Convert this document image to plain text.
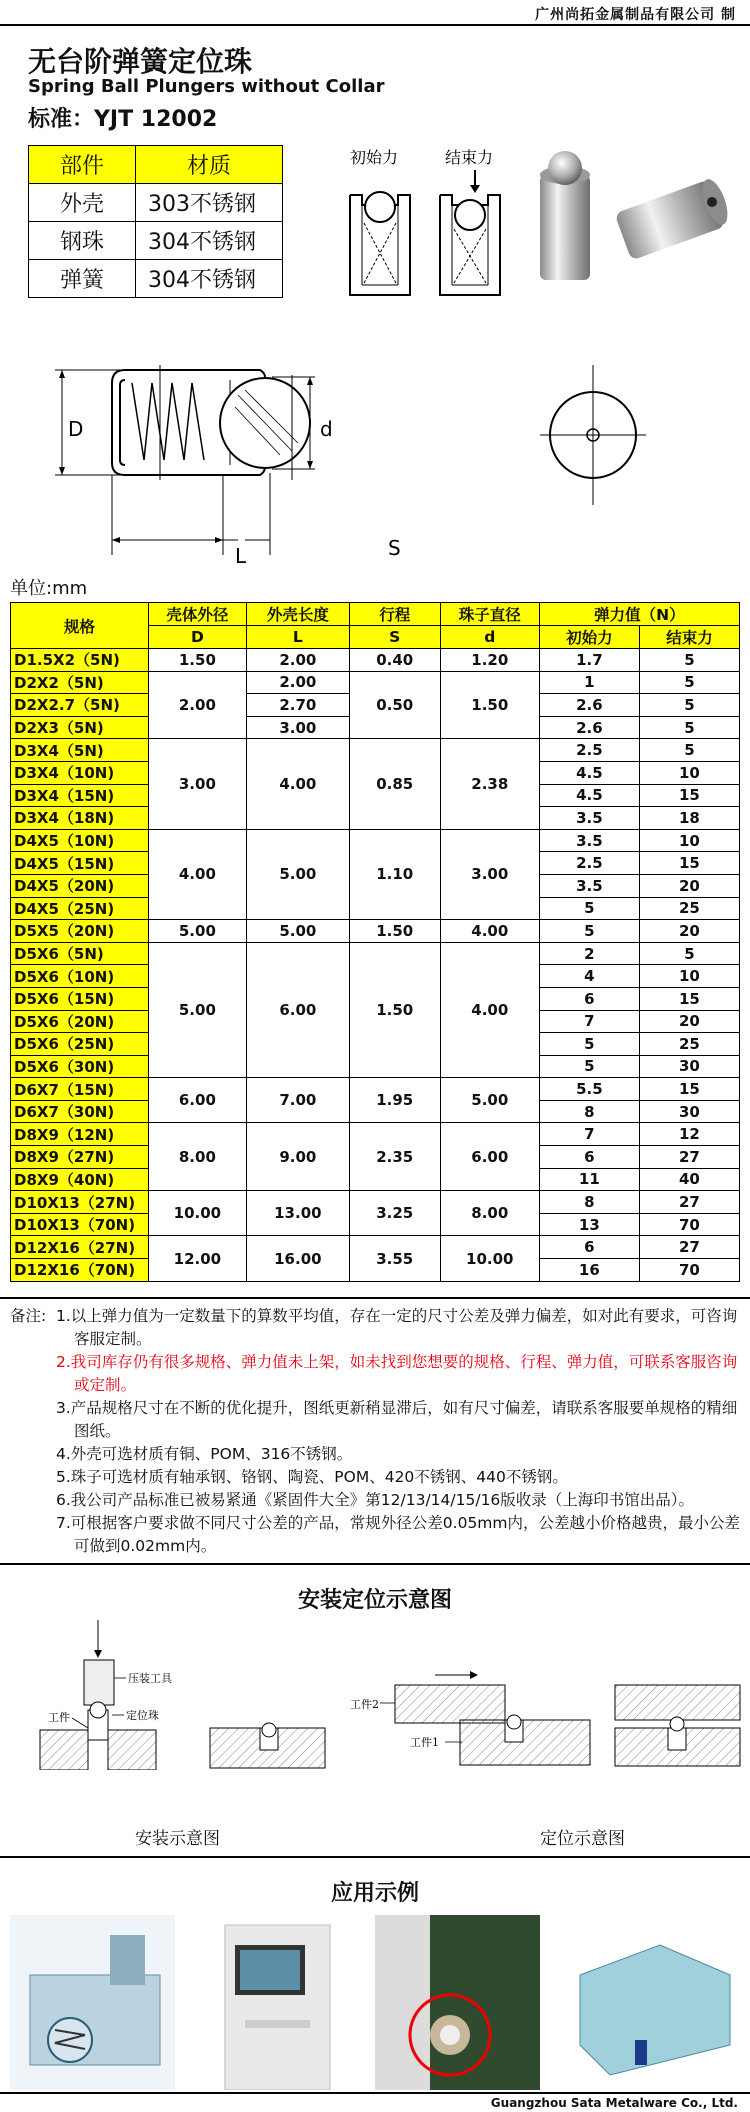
广州尚拓金属制品有限公司 制
无台阶弹簧定位珠
Spring Ball Plungers without Collar
标准：YJT 12002
部件	材质
外壳	303不锈钢
钢珠	304不锈钢
弹簧	304不锈钢
初始力	结束力
D	d
L	S
单位:mm
规格	壳体外径	外壳长度	行程	珠子直径	弹力值（N）	
	D	L	S	d	初始力	结束力
D1.5X2（5N)	1.50	2.00	0.40	1.20	1.7	5
D2X2（5N)	2.00	2.00	0.50	1.50	1	5
D2X2.7（5N)		2.70			2.6	5
D2X3（5N)		3.00			2.6	5
D3X4（5N)	3.00	4.00	0.85	2.38	2.5	5
D3X4（10N)					4.5	10
D3X4（15N)					4.5	15
D3X4（18N)					3.5	18
D4X5（10N)	4.00	5.00	1.10	3.00	3.5	10
D4X5（15N)					2.5	15
D4X5（20N)					3.5	20
D4X5（25N)					5	25
D5X5（20N)	5.00	5.00	1.50	4.00	5	20
D5X6（5N)	5.00	6.00	1.50	4.00	2	5
D5X6（10N)					4	10
D5X6（15N)					6	15
D5X6（20N)					7	20
D5X6（25N)					5	25
D5X6（30N)					5	30
D6X7（15N)	6.00	7.00	1.95	5.00	5.5	15
D6X7（30N)					8	30
D8X9（12N)	8.00	9.00	2.35	6.00	7	12
D8X9（27N)					6	27
D8X9（40N)					11	40
D10X13（27N)	10.00	13.00	3.25	8.00	8	27
D10X13（70N)					13	70
D12X16（27N)	12.00	16.00	3.55	10.00	6	27
D12X16（70N)					16	70
备注: 1.以上弹力值为一定数量下的算数平均值，存在一定的尺寸公差及弹力偏差，如对此有要求，可咨询客服定制。
2.我司库存仍有很多规格、弹力值未上架，如未找到您想要的规格、行程、弹力值，可联系客服咨询或定制。
3.产品规格尺寸在不断的优化提升，图纸更新稍显滞后，如有尺寸偏差，请联系客服要单规格的精细图纸。
4.外壳可选材质有铜、POM、316不锈钢。
5.珠子可选材质有轴承钢、铬钢、陶瓷、POM、420不锈钢、440不锈钢。
6.我公司产品标准已被易紧通《紧固件大全》第12/13/14/15/16版收录（上海印书馆出品）。
7.可根据客户要求做不同尺寸公差的产品，常规外径公差0.05mm内，公差越小价格越贵，最小公差可做到0.02mm内。
安装定位示意图
压装工具
工件	定位珠
工件2
工件1
安装示意图	定位示意图
应用示例
Guangzhou Sata Metalware Co., Ltd.
